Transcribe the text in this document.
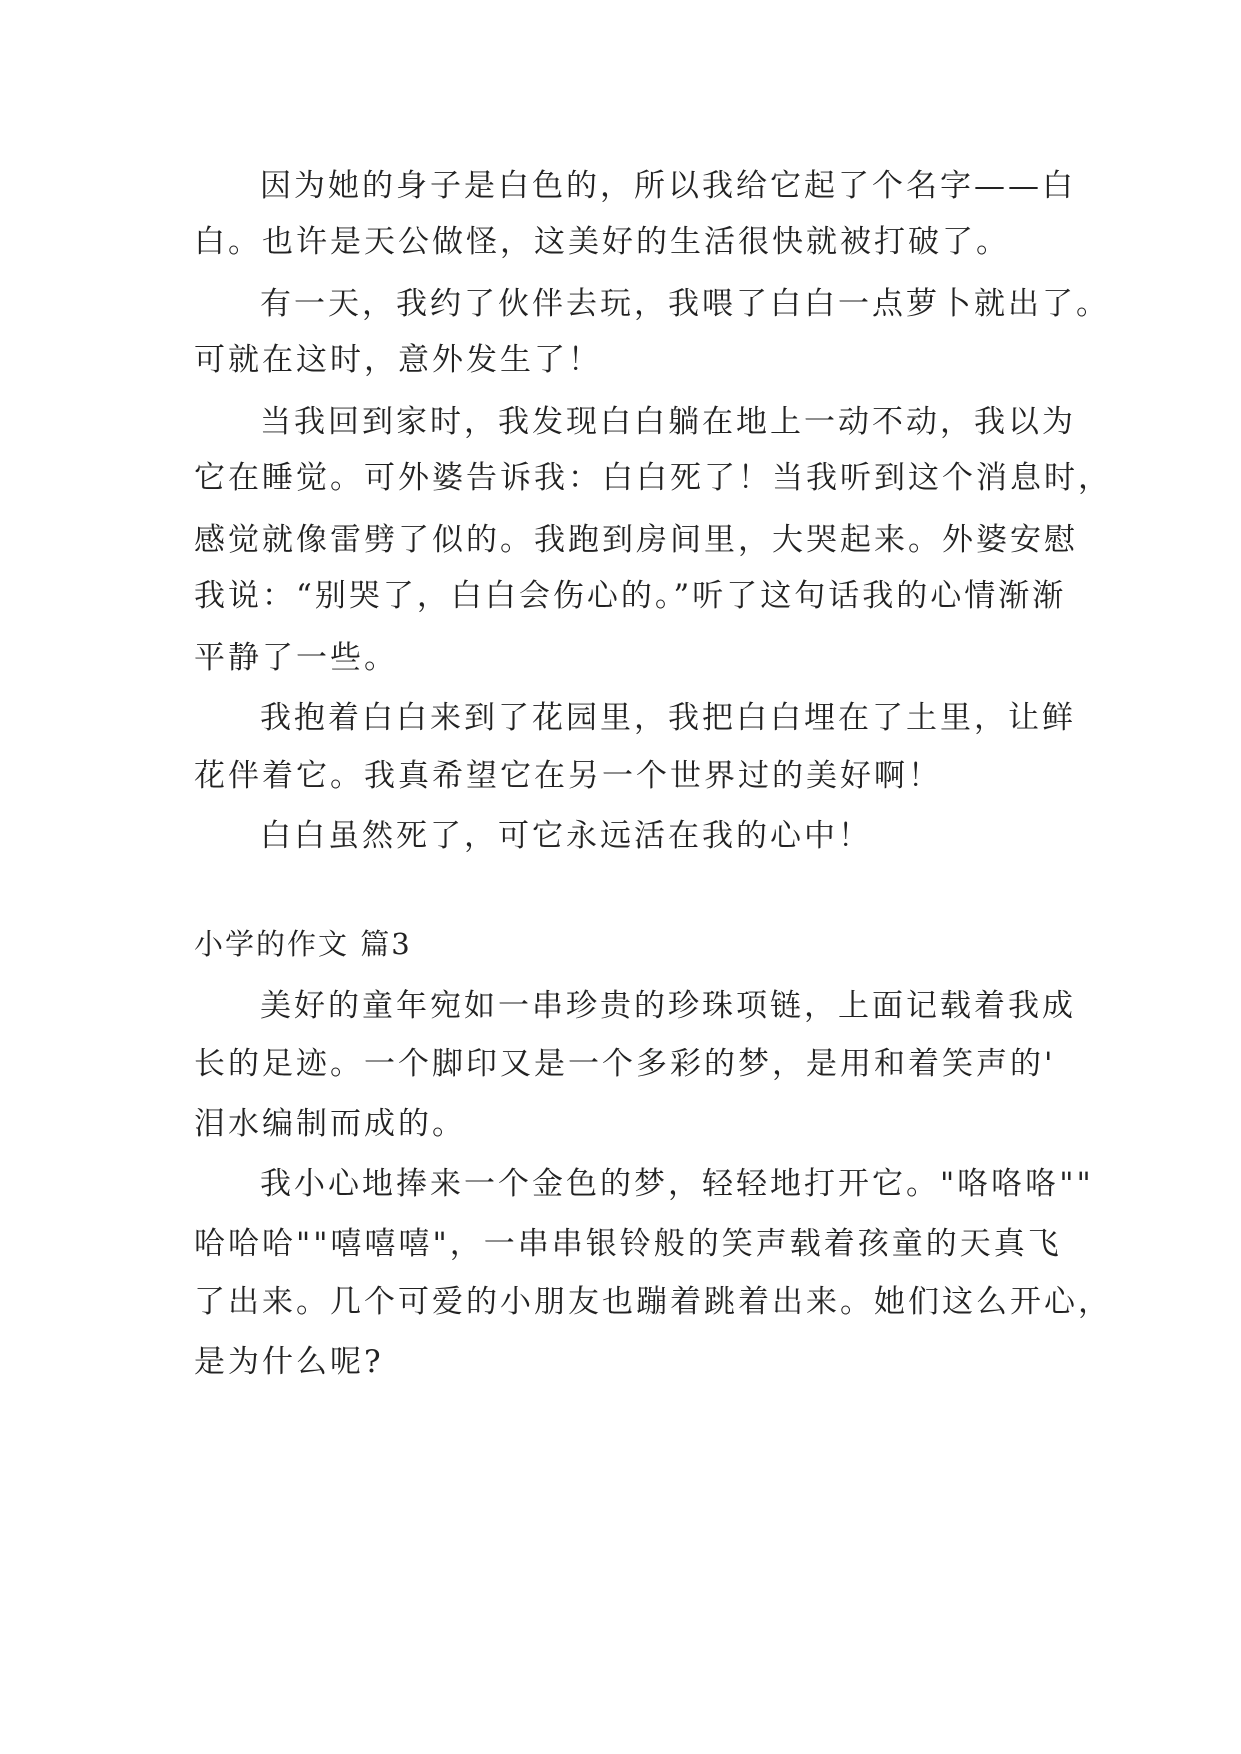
因为她的身子是白色的，所以我给它起了个名字——白
白。也许是天公做怪，这美好的生活很快就被打破了。
有一天，我约了伙伴去玩，我喂了白白一点萝卜就出了。
可就在这时，意外发生了！
当我回到家时，我发现白白躺在地上一动不动，我以为
它在睡觉。可外婆告诉我：白白死了！当我听到这个消息时，
感觉就像雷劈了似的。我跑到房间里，大哭起来。外婆安慰
我说：“别哭了，白白会伤心的。”听了这句话我的心情渐渐
平静了一些。
我抱着白白来到了花园里，我把白白埋在了土里，让鲜
花伴着它。我真希望它在另一个世界过的美好啊！
白白虽然死了，可它永远活在我的心中！
小学的作文 篇3
美好的童年宛如一串珍贵的珍珠项链，上面记载着我成
长的足迹。一个脚印又是一个多彩的梦，是用和着笑声的'
泪水编制而成的。
我小心地捧来一个金色的梦，轻轻地打开它。"咯咯咯""
哈哈哈""嘻嘻嘻"，一串串银铃般的笑声载着孩童的天真飞
了出来。几个可爱的小朋友也蹦着跳着出来。她们这么开心，
是为什么呢?
